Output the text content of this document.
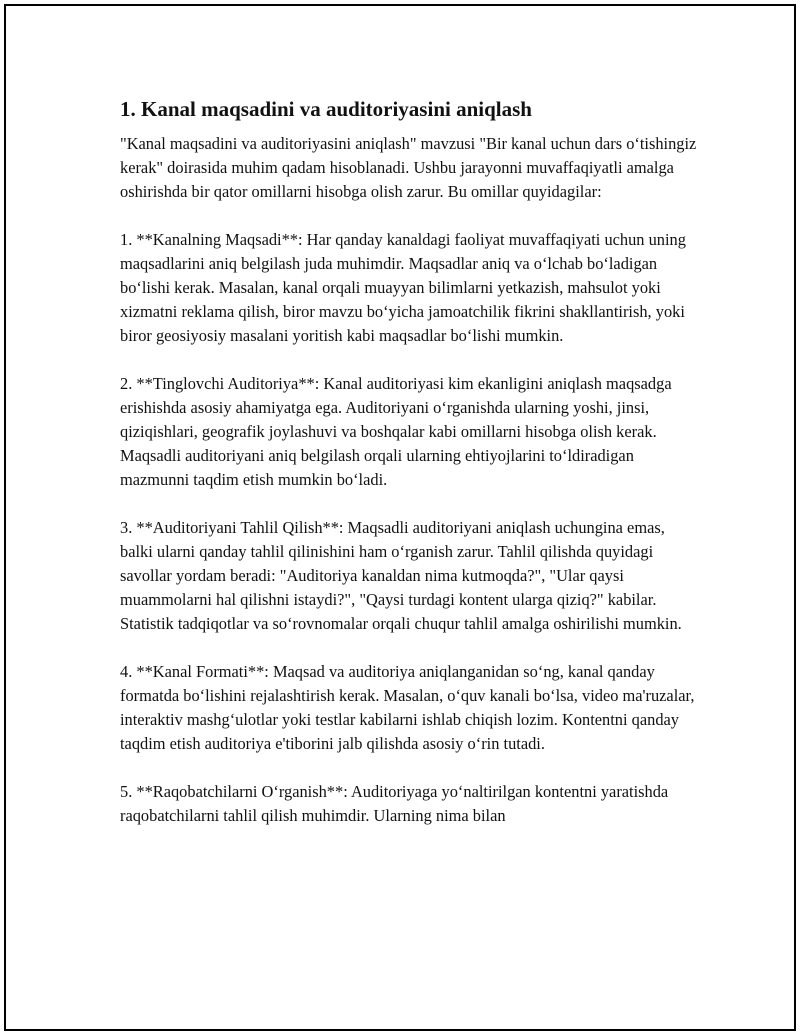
1. Kanal maqsadini va auditoriyasini aniqlash

"Kanal maqsadini va auditoriyasini aniqlash" mavzusi "Bir kanal uchun dars o‘tishingiz kerak" doirasida muhim qadam hisoblanadi. Ushbu jarayonni muvaffaqiyatli amalga oshirishda bir qator omillarni hisobga olish zarur. Bu omillar quyidagilar:

1. **Kanalning Maqsadi**: Har qanday kanaldagi faoliyat muvaffaqiyati uchun uning maqsadlarini aniq belgilash juda muhimdir. Maqsadlar aniq va o‘lchab bo‘ladigan bo‘lishi kerak. Masalan, kanal orqali muayyan bilimlarni yetkazish, mahsulot yoki xizmatni reklama qilish, biror mavzu bo‘yicha jamoatchilik fikrini shakllantirish, yoki biror geosiyosiy masalani yoritish kabi maqsadlar bo‘lishi mumkin.

2. **Tinglovchi Auditoriya**: Kanal auditoriyasi kim ekanligini aniqlash maqsadga erishishda asosiy ahamiyatga ega. Auditoriyani o‘rganishda ularning yoshi, jinsi, qiziqishlari, geografik joylashuvi va boshqalar kabi omillarni hisobga olish kerak. Maqsadli auditoriyani aniq belgilash orqali ularning ehtiyojlarini to‘ldiradigan mazmunni taqdim etish mumkin bo‘ladi.

3. **Auditoriyani Tahlil Qilish**: Maqsadli auditoriyani aniqlash uchungina emas, balki ularni qanday tahlil qilinishini ham o‘rganish zarur. Tahlil qilishda quyidagi savollar yordam beradi: "Auditoriya kanaldan nima kutmoqda?", "Ular qaysi muammolarni hal qilishni istaydi?", "Qaysi turdagi kontent ularga qiziq?" kabilar. Statistik tadqiqotlar va so‘rovnomalar orqali chuqur tahlil amalga oshirilishi mumkin.

4. **Kanal Formati**: Maqsad va auditoriya aniqlanganidan so‘ng, kanal qanday formatda bo‘lishini rejalashtirish kerak. Masalan, o‘quv kanali bo‘lsa, video ma'ruzalar, interaktiv mashg‘ulotlar yoki testlar kabilarni ishlab chiqish lozim. Kontentni qanday taqdim etish auditoriya e'tiborini jalb qilishda asosiy o‘rin tutadi.

5. **Raqobatchilarni O‘rganish**: Auditoriyaga yo‘naltirilgan kontentni yaratishda raqobatchilarni tahlil qilish muhimdir. Ularning nima bilan
